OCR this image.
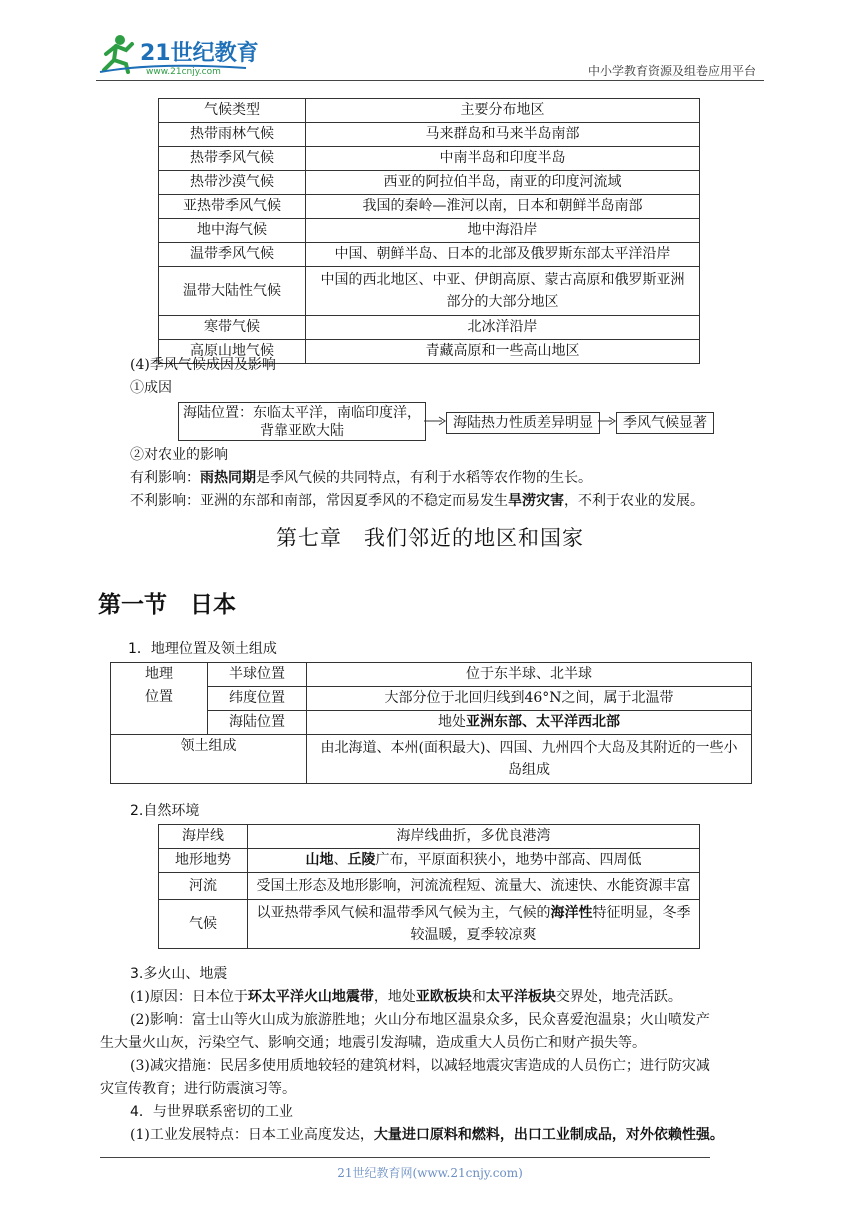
21世纪教育
www.21cnjy.com	中小学教育资源及组卷应用平台
气候类型	主要分布地区
热带雨林气候	马来群岛和马来半岛南部
热带季风气候	中南半岛和印度半岛
热带沙漠气候	西亚的阿拉伯半岛，南亚的印度河流域
亚热带季风气候	我国的秦岭—淮河以南，日本和朝鲜半岛南部
地中海气候	地中海沿岸
温带季风气候	中国、朝鲜半岛、日本的北部及俄罗斯东部太平洋沿岸
温带大陆性气候	中国的西北地区、中亚、伊朗高原、蒙古高原和俄罗斯亚洲部分的大部分地区
寒带气候	北冰洋沿岸
高原山地气候	青藏高原和一些高山地区
(4)季风气候成因及影响
①成因
海陆位置：东临太平洋，南临印度洋，
背靠亚欧大陆	海陆热力性质差异明显	季风气候显著
②对农业的影响
有利影响：雨热同期是季风气候的共同特点，有利于水稻等农作物的生长。
不利影响：亚洲的东部和南部，常因夏季风的不稳定而易发生旱涝灾害，不利于农业的发展。
第七章　我们邻近的地区和国家
第一节　日本
1．地理位置及领土组成
地理
位置	半球位置	位于东半球、北半球
	纬度位置	大部分位于北回归线到46°N之间，属于北温带
	海陆位置	地处亚洲东部、太平洋西北部
领土组成		由北海道、本州(面积最大)、四国、九州四个大岛及其附近的一些小岛组成
2.自然环境
海岸线	海岸线曲折，多优良港湾
地形地势	山地、丘陵广布，平原面积狭小，地势中部高、四周低
河流	受国土形态及地形影响，河流流程短、流量大、流速快、水能资源丰富
气候	以亚热带季风气候和温带季风气候为主，气候的海洋性特征明显，冬季较温暖，夏季较凉爽
3.多火山、地震
(1)原因：日本位于环太平洋火山地震带，地处亚欧板块和太平洋板块交界处，地壳活跃。
(2)影响：富士山等火山成为旅游胜地；火山分布地区温泉众多，民众喜爱泡温泉；火山喷发产
生大量火山灰，污染空气、影响交通；地震引发海啸，造成重大人员伤亡和财产损失等。
(3)减灾措施：民居多使用质地较轻的建筑材料，以减轻地震灾害造成的人员伤亡；进行防灾减
灾宣传教育；进行防震演习等。
4．与世界联系密切的工业
(1)工业发展特点：日本工业高度发达，大量进口原料和燃料，出口工业制成品，对外依赖性强。
21世纪教育网(www.21cnjy.com)
